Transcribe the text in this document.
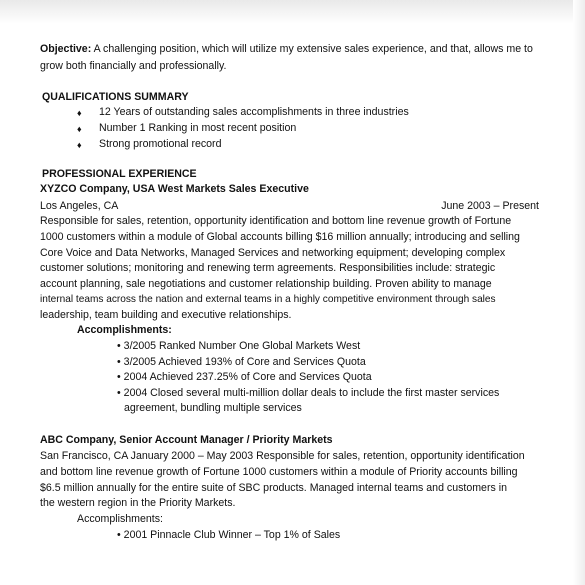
Objective: A challenging position, which will utilize my extensive sales experience, and that, allows me to
grow both financially and professionally.
QUALIFICATIONS SUMMARY
♦ 12 Years of outstanding sales accomplishments in three industries
♦ Number 1 Ranking in most recent position
♦ Strong promotional record
PROFESSIONAL EXPERIENCE
XYZCO Company, USA West Markets Sales Executive
Los Angeles, CA	June 2003 – Present
Responsible for sales, retention, opportunity identification and bottom line revenue growth of Fortune
1000 customers within a module of Global accounts billing $16 million annually; introducing and selling
Core Voice and Data Networks, Managed Services and networking equipment; developing complex
customer solutions; monitoring and renewing term agreements. Responsibilities include: strategic
account planning, sale negotiations and customer relationship building. Proven ability to manage
internal teams across the nation and external teams in a highly competitive environment through sales
leadership, team building and executive relationships.
Accomplishments:
• 3/2005 Ranked Number One Global Markets West
• 3/2005 Achieved 193% of Core and Services Quota
• 2004 Achieved 237.25% of Core and Services Quota
• 2004 Closed several multi-million dollar deals to include the first master services
agreement, bundling multiple services
ABC Company, Senior Account Manager / Priority Markets
San Francisco, CA January 2000 – May 2003 Responsible for sales, retention, opportunity identification
and bottom line revenue growth of Fortune 1000 customers within a module of Priority accounts billing
$6.5 million annually for the entire suite of SBC products. Managed internal teams and customers in
the western region in the Priority Markets.
Accomplishments:
• 2001 Pinnacle Club Winner – Top 1% of Sales
